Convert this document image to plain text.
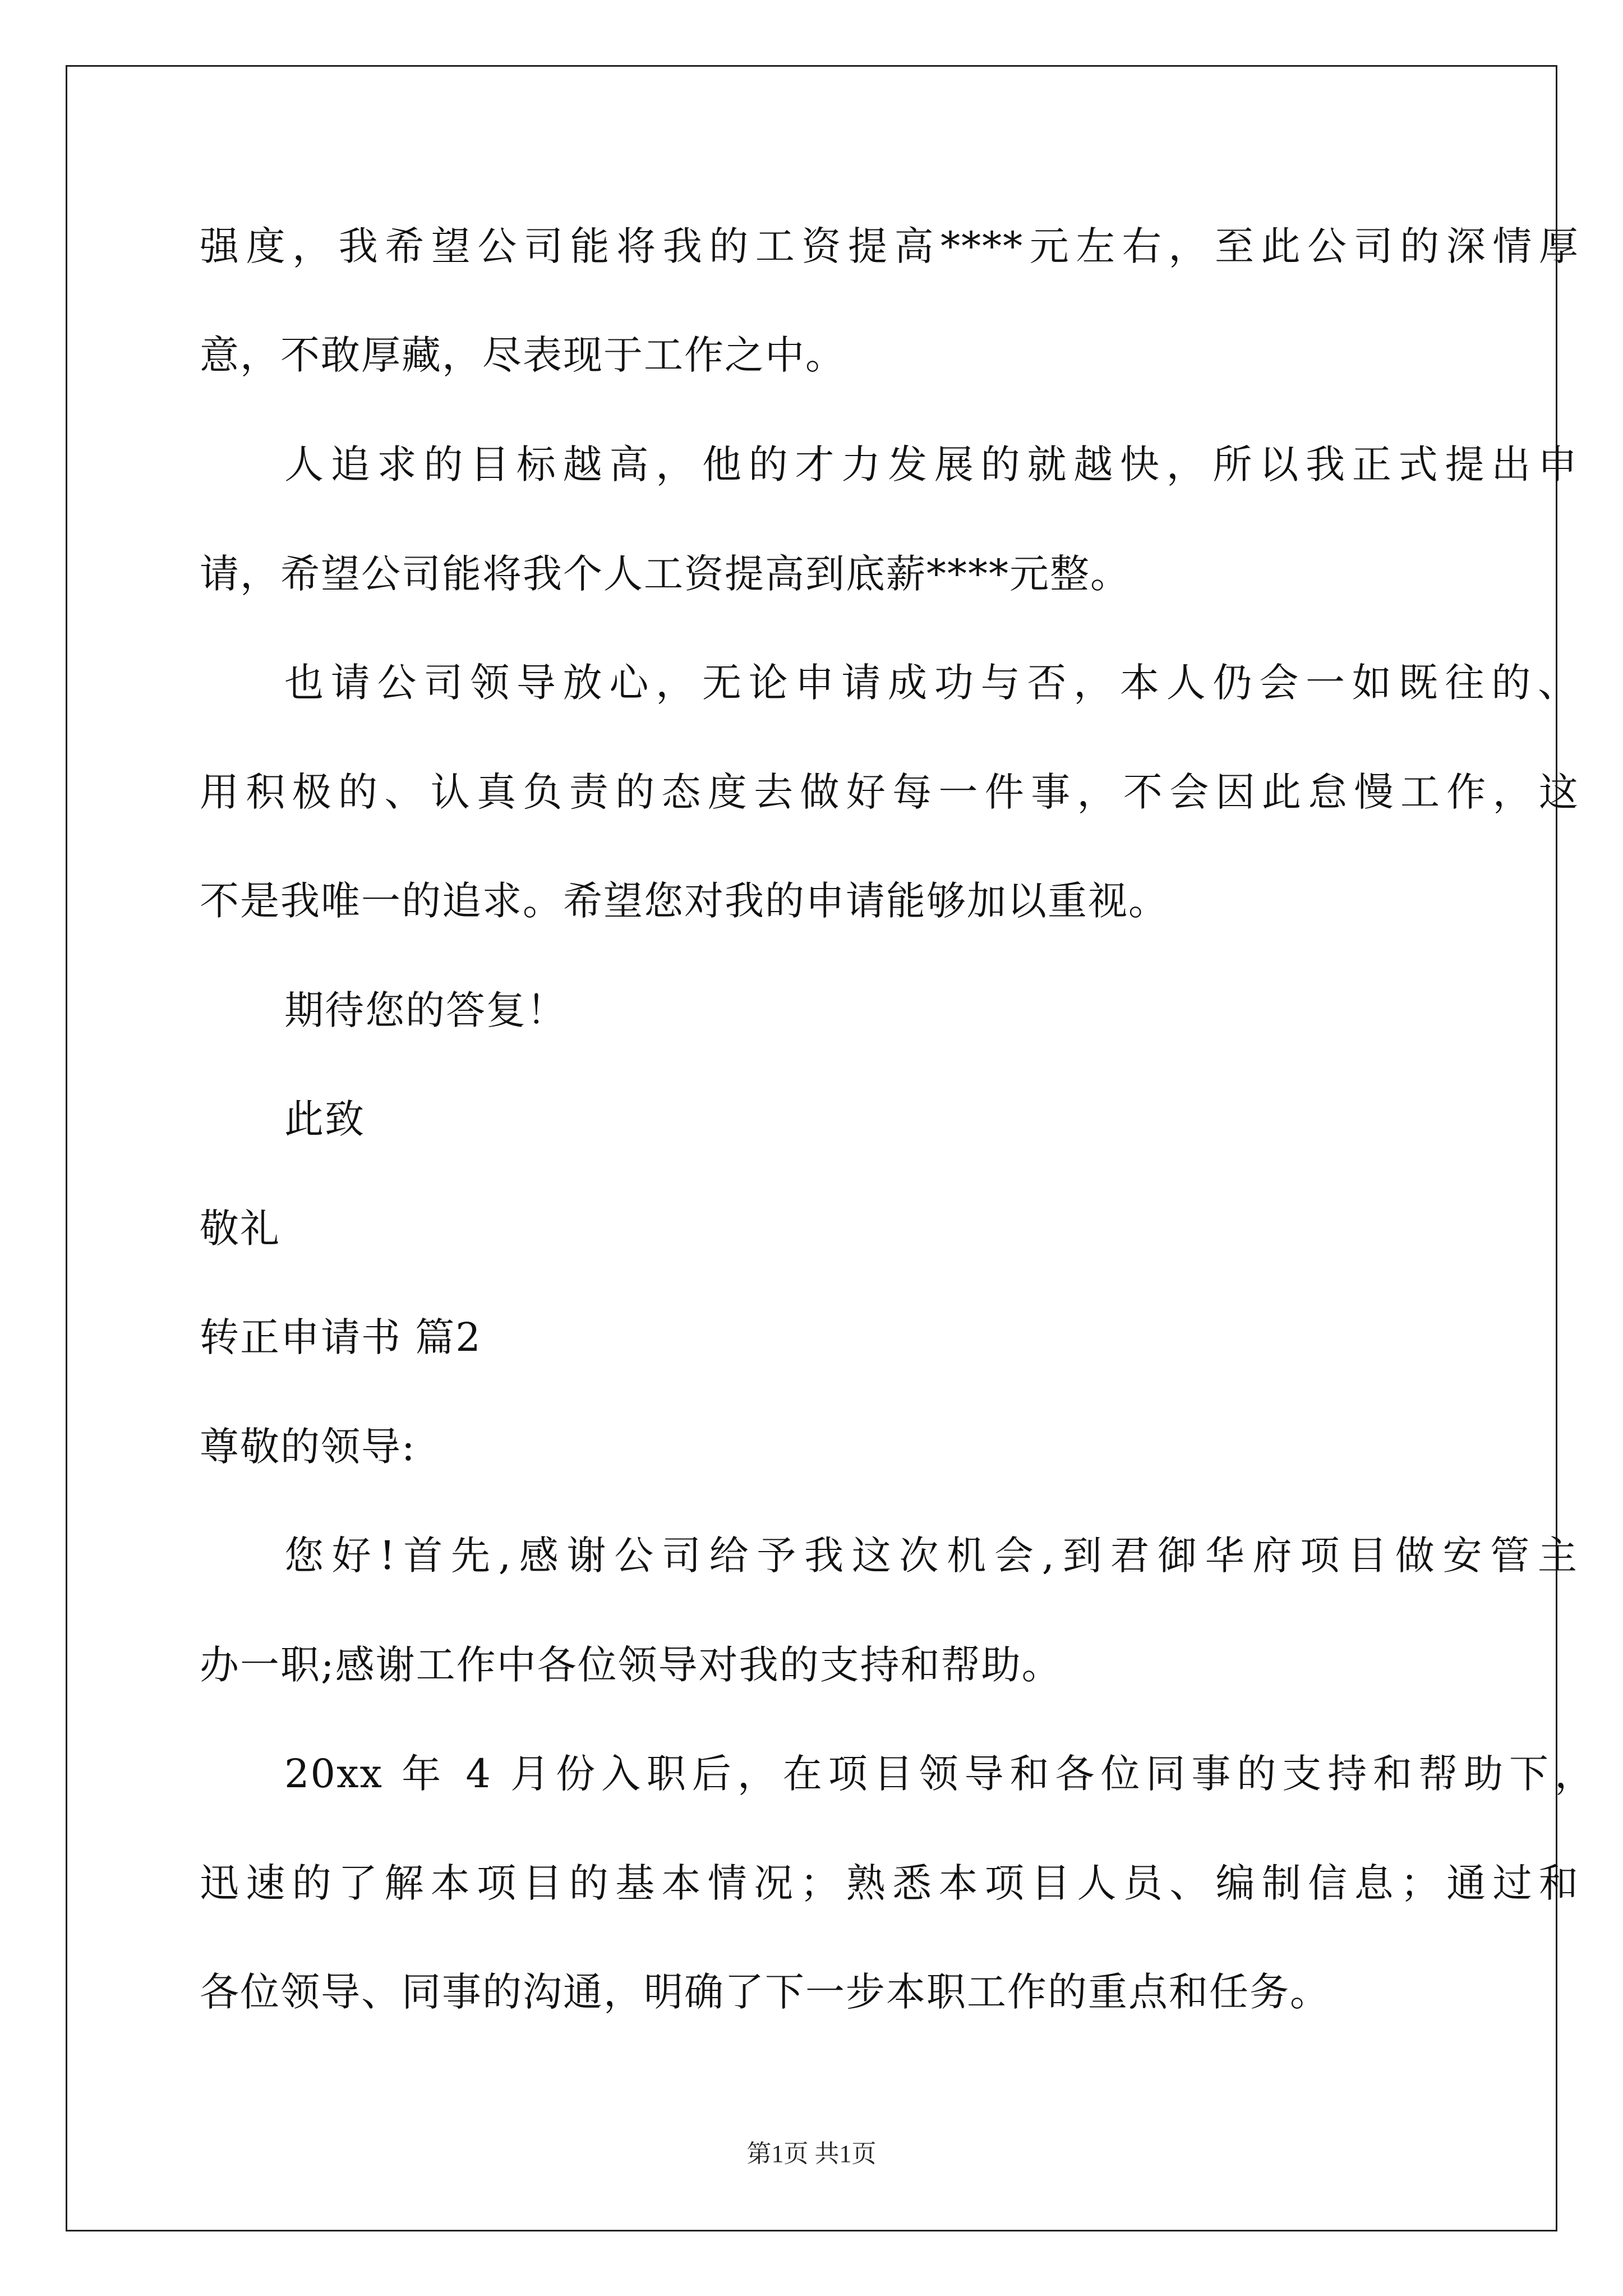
强度，我希望公司能将我的工资提高****元左右，至此公司的深情厚
意，不敢厚藏，尽表现于工作之中。
人追求的目标越高，他的才力发展的就越快，所以我正式提出申
请，希望公司能将我个人工资提高到底薪****元整。
也请公司领导放心，无论申请成功与否，本人仍会一如既往的、
用积极的、认真负责的态度去做好每一件事，不会因此怠慢工作，这
不是我唯一的追求。希望您对我的申请能够加以重视。
期待您的答复！
此致
敬礼
转正申请书 篇2
尊敬的领导:
您好!首先,感谢公司给予我这次机会,到君御华府项目做安管主
办一职;感谢工作中各位领导对我的支持和帮助。
20xx 年 4 月份入职后，在项目领导和各位同事的支持和帮助下，
迅速的了解本项目的基本情况；熟悉本项目人员、编制信息；通过和
各位领导、同事的沟通，明确了下一步本职工作的重点和任务。
第1页 共1页
